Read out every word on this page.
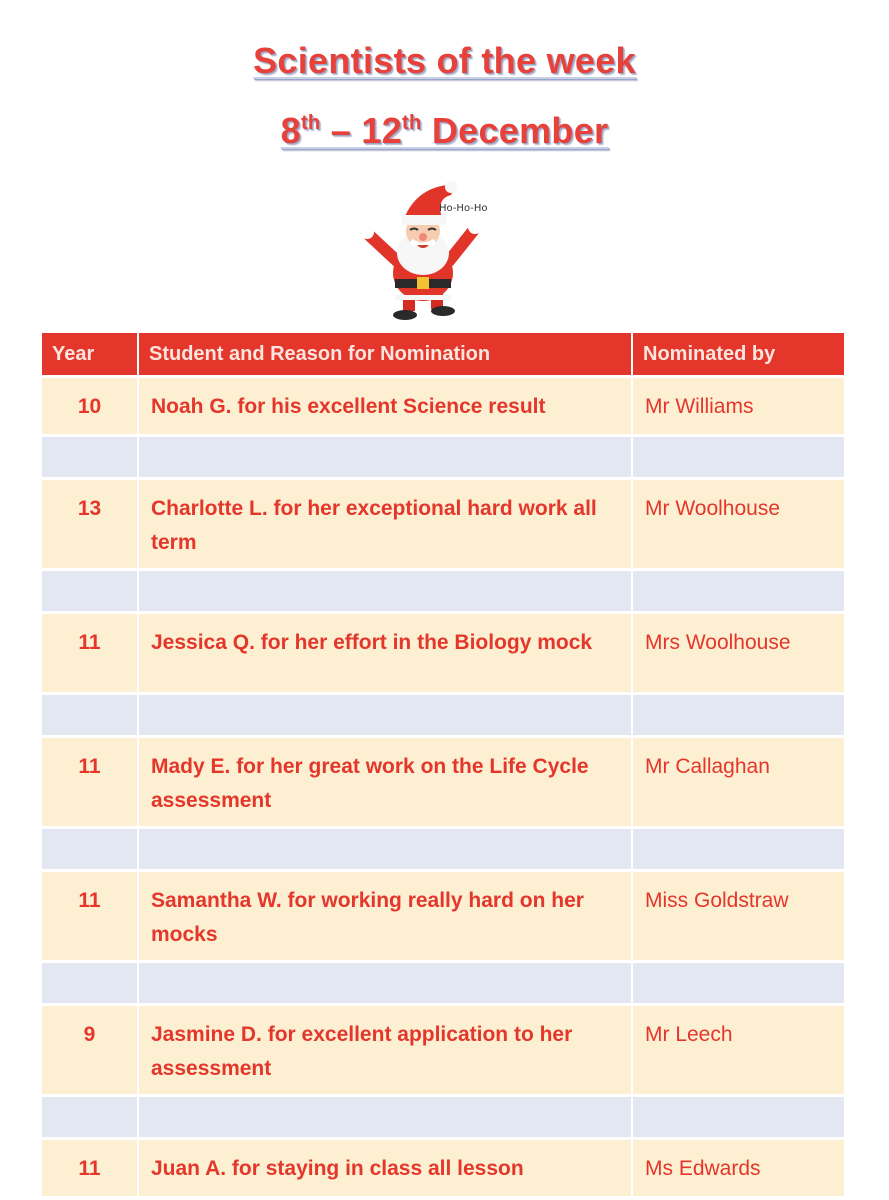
Scientists of the week
8th – 12th December
Ho-Ho-Ho
Year	Student and Reason for Nomination	Nominated by
10	Noah G. for his excellent Science result	Mr Williams

13	Charlotte L. for her exceptional hard work all term	Mr Woolhouse

11	Jessica Q. for her effort in the Biology mock	Mrs Woolhouse

11	Mady E. for her great work on the Life Cycle assessment	Mr Callaghan

11	Samantha W. for working really hard on her mocks	Miss Goldstraw

9	Jasmine D. for excellent application to her assessment	Mr Leech

11	Juan A. for staying in class all lesson	Ms Edwards
